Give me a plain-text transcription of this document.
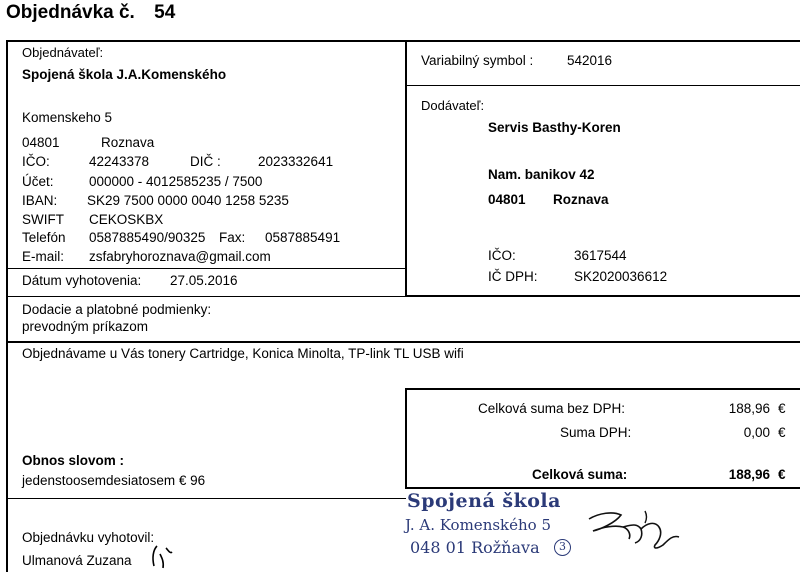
Objednávka č. 54
Objednávateľ:
Spojená škola J.A.Komenského
Komenskeho 5
04801	Roznava
IČO:	42243378	DIČ :	2023332641
Účet:	000000 - 4012585235 / 7500
IBAN: SK29 7500 0000 0040 1258 5235
SWIFT CEKOSKBX
Telefón 0587885490/90325 Fax: 0587885491
E-mail: zsfabryhoroznava@gmail.com
Dátum vyhotovenia: 27.05.2016
Variabilný symbol : 542016
Dodávateľ:
Servis Basthy-Koren
Nam. banikov 42
04801 Roznava
IČO:	3617544
IČ DPH:	SK2020036612
Dodacie a platobné podmienky:
prevodným príkazom
Objednávame u Vás tonery Cartridge, Konica Minolta, TP-link TL USB wifi
Celková suma bez DPH:	188,96 €
Suma DPH:	0,00 €
Celková suma:	188,96 €
Obnos slovom :
jedenstoosemdesiatosem € 96
Objednávku vyhotovil:
Ulmanová Zuzana
Spojená škola
J. A. Komenského 5
048 01 Rožňava	3
